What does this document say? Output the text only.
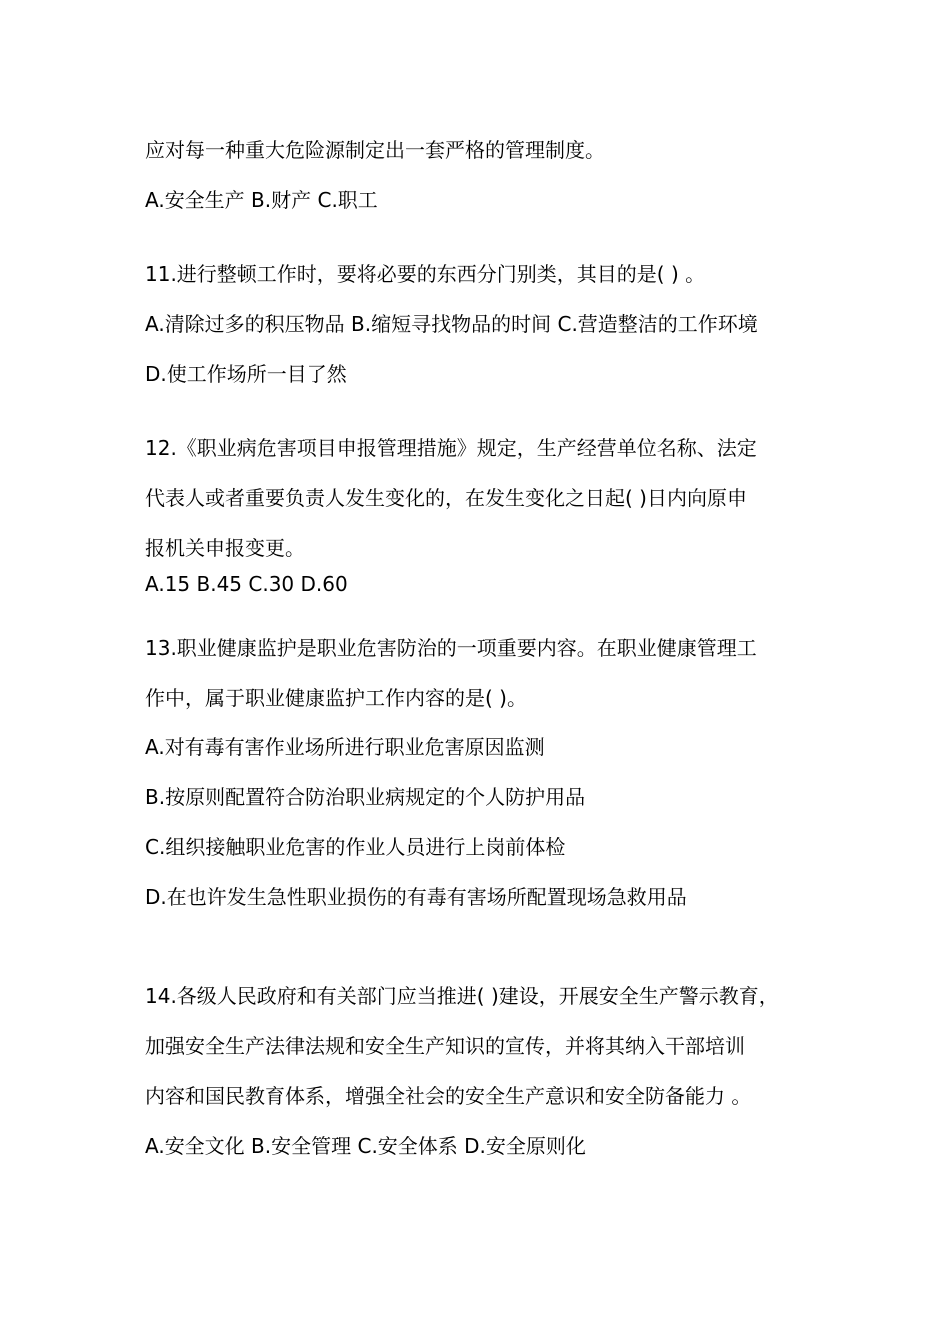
应对每一种重大危险源制定出一套严格的管理制度。
A.安全生产 B.财产 C.职工
11.进行整顿工作时，要将必要的东西分门别类，其目的是( ) 。
A.清除过多的积压物品 B.缩短寻找物品的时间 C.营造整洁的工作环境
D.使工作场所一目了然
12.《职业病危害项目申报管理措施》规定，生产经营单位名称、法定
代表人或者重要负责人发生变化的，在发生变化之日起( )日内向原申
报机关申报变更。
A.15 B.45 C.30 D.60
13.职业健康监护是职业危害防治的一项重要内容。在职业健康管理工
作中，属于职业健康监护工作内容的是( )。
A.对有毒有害作业场所进行职业危害原因监测
B.按原则配置符合防治职业病规定的个人防护用品
C.组织接触职业危害的作业人员进行上岗前体检
D.在也许发生急性职业损伤的有毒有害场所配置现场急救用品
14.各级人民政府和有关部门应当推进( )建设，开展安全生产警示教育，
加强安全生产法律法规和安全生产知识的宣传，并将其纳入干部培训
内容和国民教育体系，增强全社会的安全生产意识和安全防备能力 。
A.安全文化 B.安全管理 C.安全体系 D.安全原则化
